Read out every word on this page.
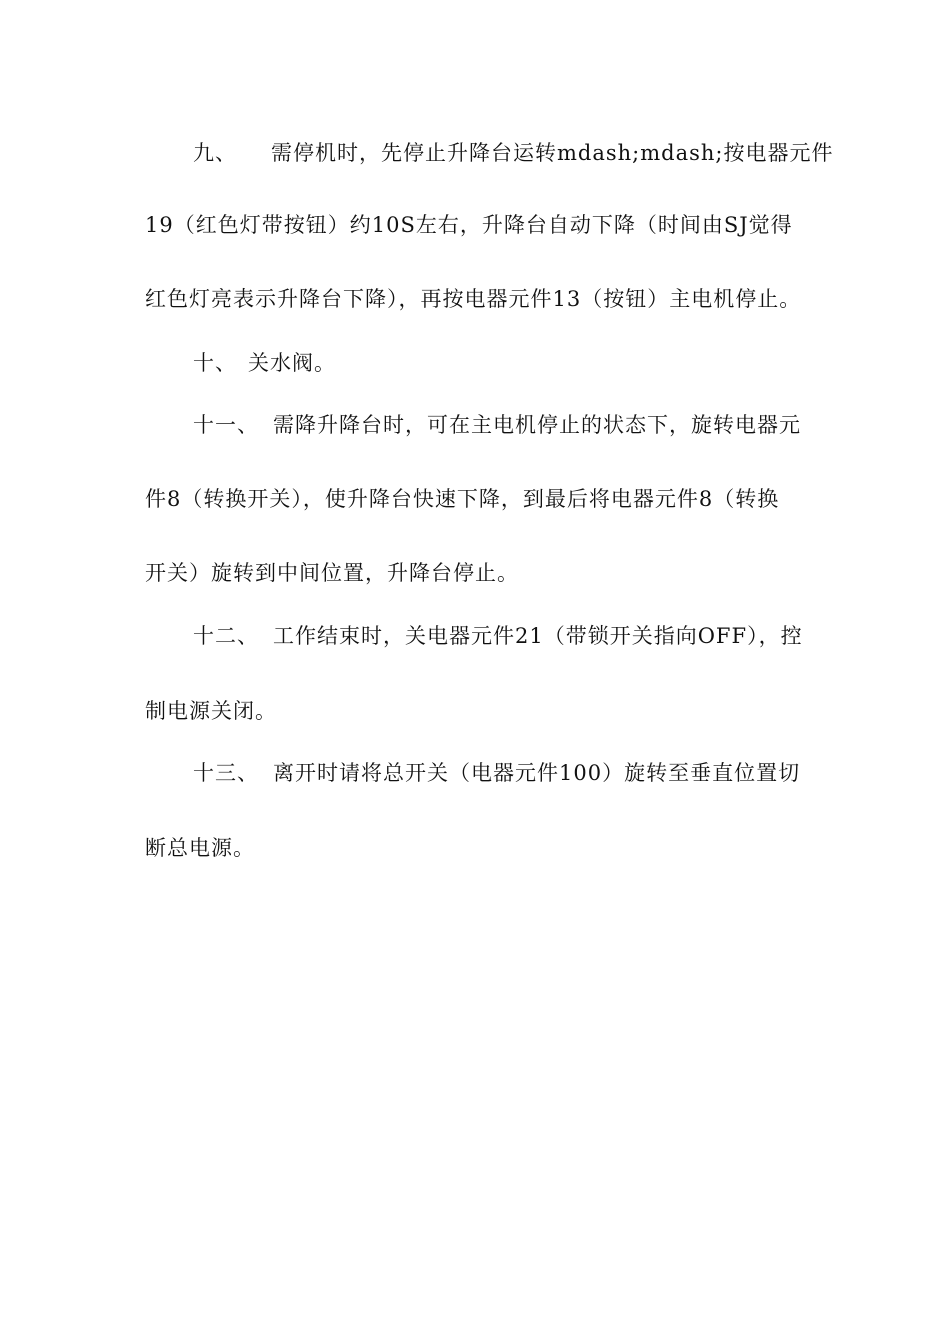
九、 需停机时，先停止升降台运转mdash;mdash;按电器元件
19（红色灯带按钮）约10S左右，升降台自动下降（时间由SJ觉得
红色灯亮表示升降台下降），再按电器元件13（按钮）主电机停止。
十、 关水阀。
十一、 需降升降台时，可在主电机停止的状态下，旋转电器元
件8（转换开关），使升降台快速下降，到最后将电器元件8（转换
开关）旋转到中间位置，升降台停止。
十二、 工作结束时，关电器元件21（带锁开关指向OFF），控
制电源关闭。
十三、 离开时请将总开关（电器元件100）旋转至垂直位置切
断总电源。
